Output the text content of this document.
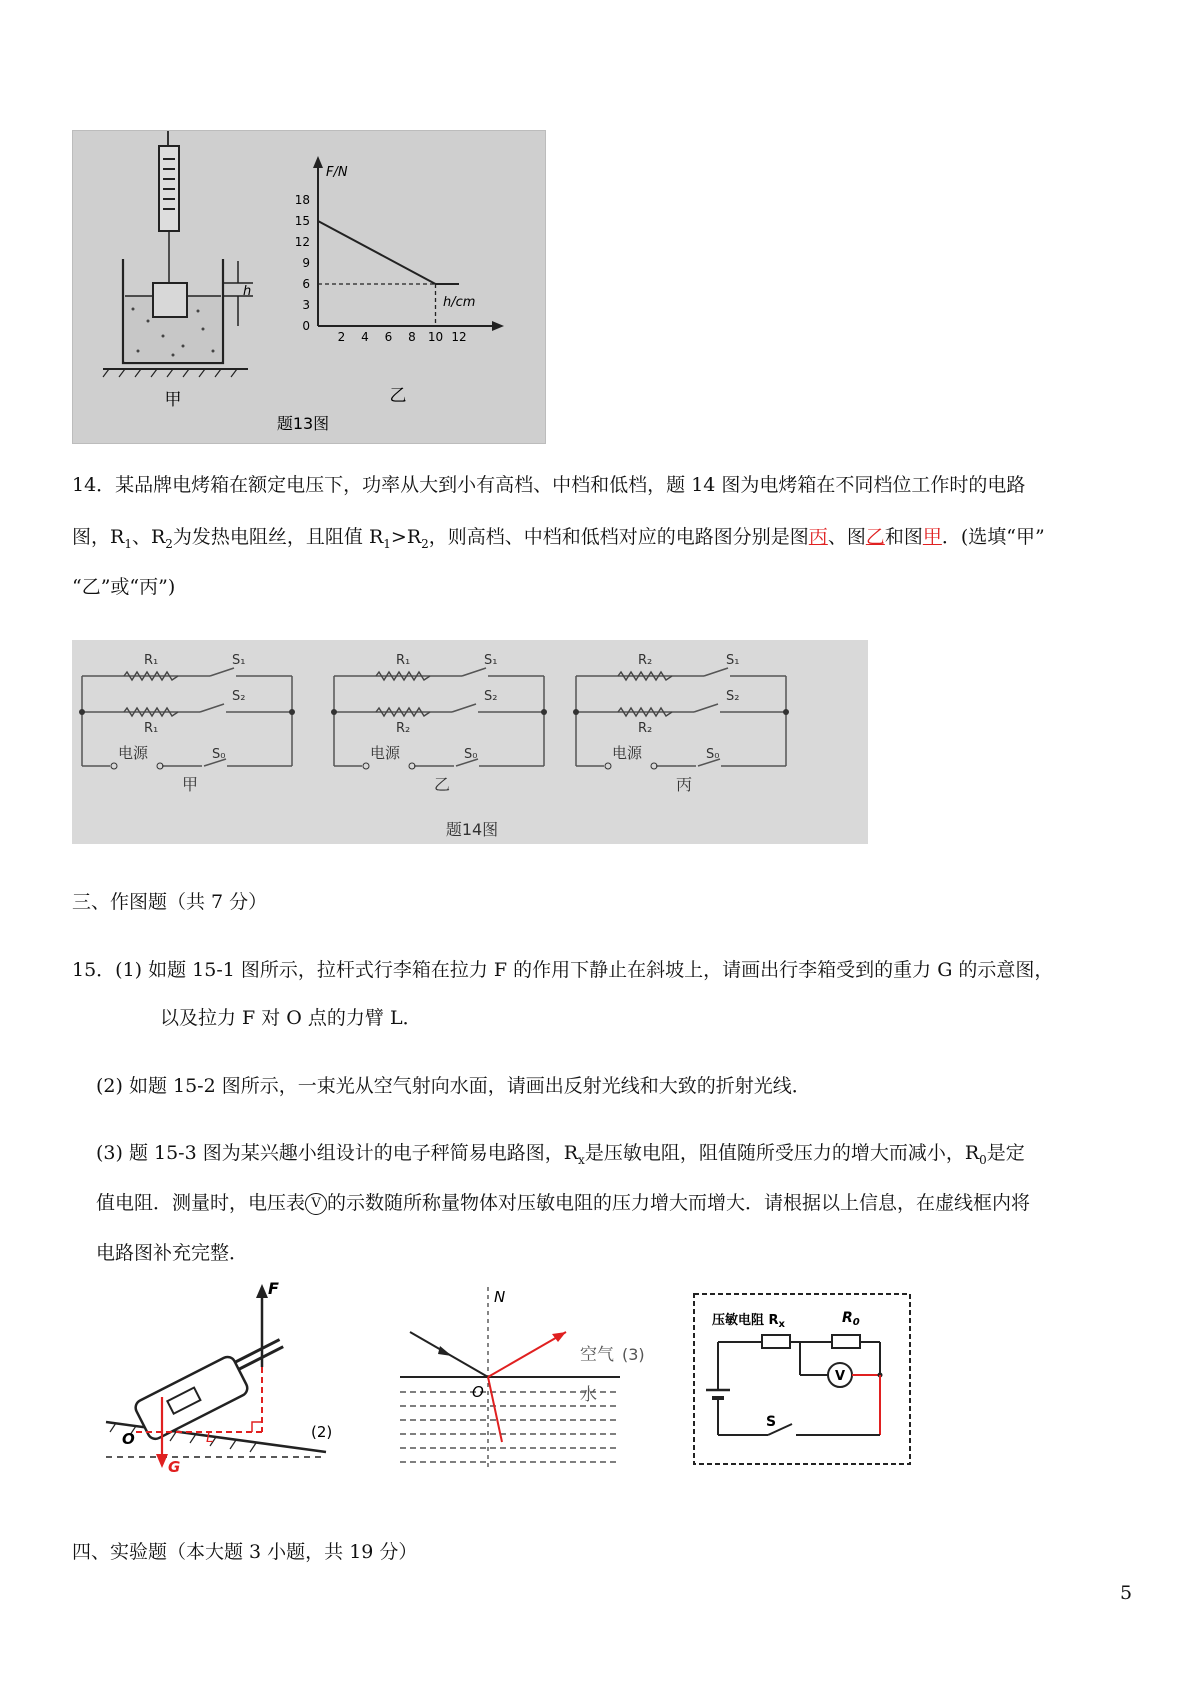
h
甲	乙
题13图
F/N
h/cm
18
15
12
9
6
3
0
2 4 6 8 10 12
14．某品牌电烤箱在额定电压下，功率从大到小有高档、中档和低档，题 14 图为电烤箱在不同档位工作时的电路
图，$R_1$、$R_2$为发热电阻丝，且阻值 $R_1>R_2$，则高档、中档和低档对应的电路图分别是图丙、图乙和图甲．(选填“甲”
“乙”或“丙”)
题14图
R₁	S₁
S₂
R₁
电源	S₀
甲
R₁	S₁
S₂
R₂
电源	S₀
乙
R₂	S₁
S₂
R₂
电源	S₀
丙
三、作图题（共 7 分）
15．(1) 如题 15-1 图所示，拉杆式行李箱在拉力 F 的作用下静止在斜坡上，请画出行李箱受到的重力 G 的示意图，
以及拉力 F 对 O 点的力臂 L．
(2) 如题 15-2 图所示，一束光从空气射向水面，请画出反射光线和大致的折射光线．
(3) 题 15-3 图为某兴趣小组设计的电子秤简易电路图，$R_x$是压敏电阻，阻值随所受压力的增大而减小，$R_0$是定
值电阻．测量时，电压表 V 的示数随所称量物体对压敏电阻的压力增大而增大．请根据以上信息，在虚线框内将
电路图补充完整．
F
G
L
O	(2)
N
O
空气
水
(3)
压敏电阻 $R_x$	$R_0$
V
S
四、实验题（本大题 3 小题，共 19 分）
5
